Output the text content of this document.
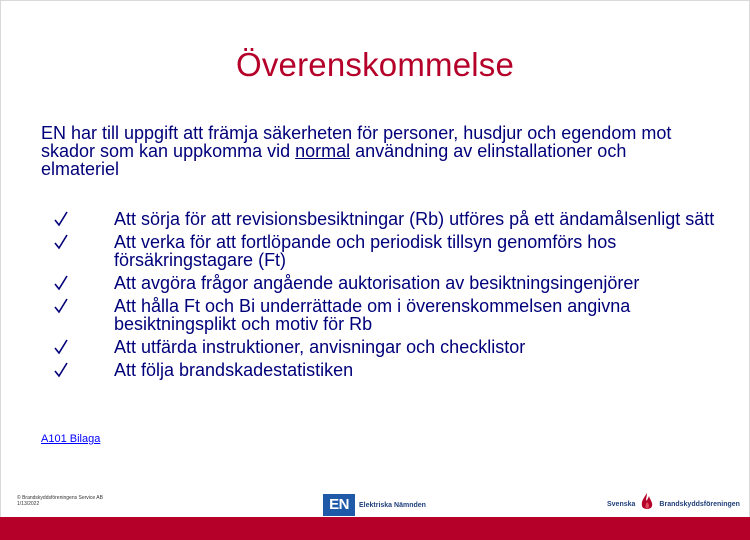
Överenskommelse
EN har till uppgift att främja säkerheten för personer, husdjur och egendom mot skador som kan uppkomma vid normal användning av elinstallationer och elmateriel
Att sörja för att revisionsbesiktningar (Rb) utföres på ett ändamålsenligt sätt
Att verka för att fortlöpande och periodisk tillsyn genomförs hos försäkringstagare (Ft)
Att avgöra frågor angående auktorisation av besiktningsingenjörer
Att hålla Ft och Bi underrättade om i överenskommelsen angivna besiktningsplikt och motiv för Rb
Att utfärda instruktioner, anvisningar och checklistor
Att följa brandskadestatistiken
A101 Bilaga
© Brandskyddsföreningens Service AB
1/13/2022	EN	Elektriska Nämnden	Svenska	Brandskyddsföreningen
